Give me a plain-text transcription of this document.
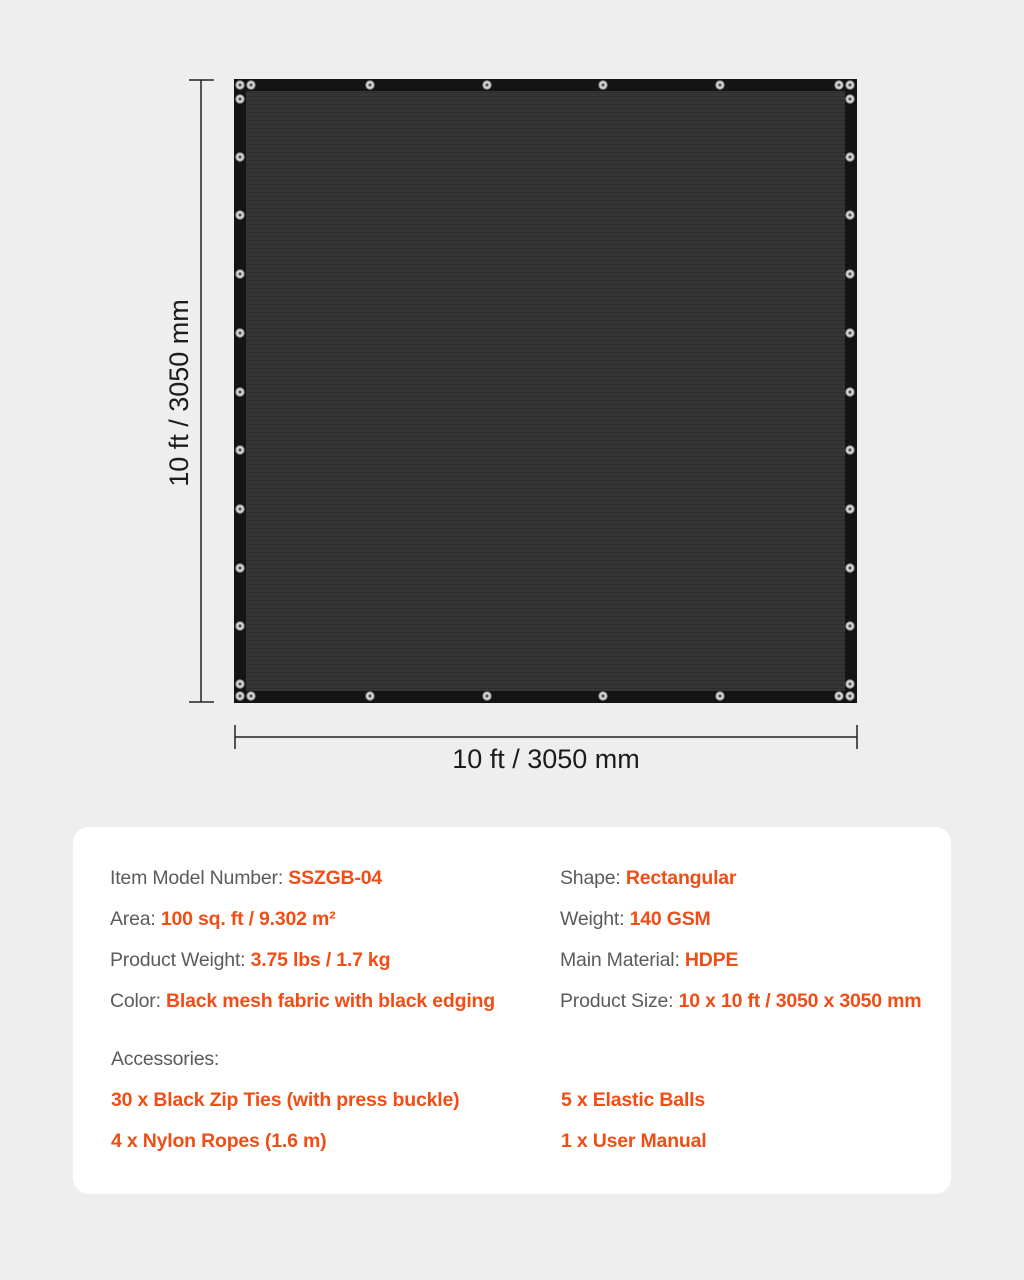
10 ft / 3050 mm
10 ft / 3050 mm
Item Model Number: SSZGB-04
Area: 100 sq. ft / 9.302 m²
Product Weight: 3.75 lbs / 1.7 kg
Color: Black mesh fabric with black edging
Shape: Rectangular
Weight: 140 GSM
Main Material: HDPE
Product Size: 10 x 10 ft / 3050 x 3050 mm
Accessories:
30 x Black Zip Ties (with press buckle)
4 x Nylon Ropes (1.6 m)
5 x Elastic Balls
1 x User Manual
